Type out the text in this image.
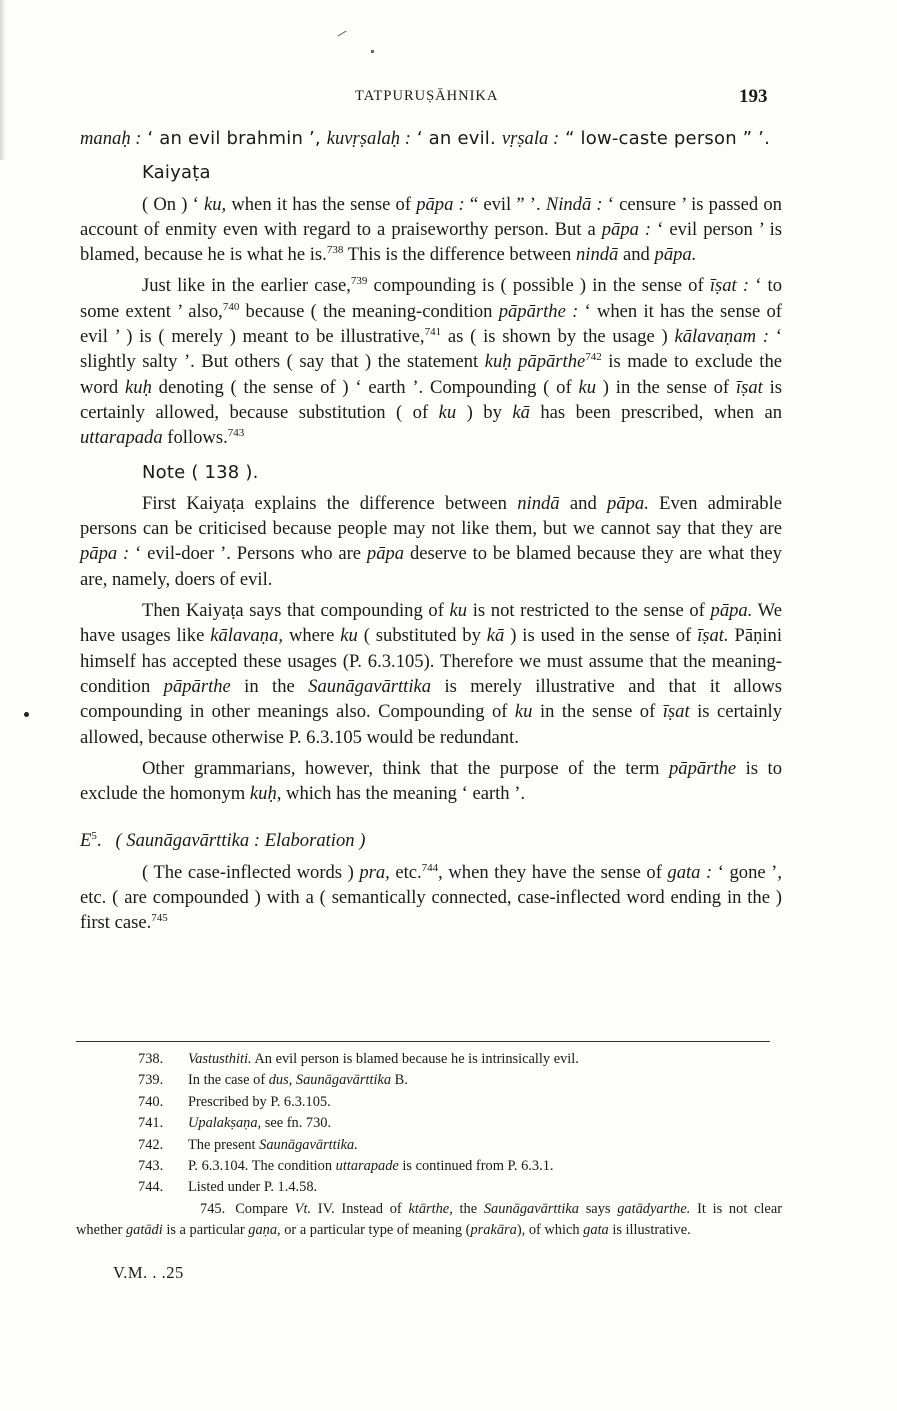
TATPURUṢĀHNIKA	193

manaḥ : ‘ an evil brahmin ’, kuvṛṣalaḥ : ‘ an evil. vṛṣala : “ low-caste person ” ’.

Kaiyaṭa

( On ) ‘ ku, when it has the sense of pāpa : “ evil ” ’. Nindā : ‘ censure ’ is passed on account of enmity even with regard to a praiseworthy person. But a pāpa : ‘ evil person ’ is blamed, because he is what he is.$^{738}$ This is the difference between nindā and pāpa.

Just like in the earlier case,$^{739}$ compounding is ( possible ) in the sense of īṣat : ‘ to some extent ’ also,$^{740}$ because ( the meaning-condition pāpārthe : ‘ when it has the sense of evil ’ ) is ( merely ) meant to be illustrative,$^{741}$ as ( is shown by the usage ) kālavaṇam : ‘ slightly salty ’. But others ( say that ) the statement kuḥ pāpārthe$^{742}$ is made to exclude the word kuḥ denoting ( the sense of ) ‘ earth ’. Compounding ( of ku ) in the sense of īṣat is certainly allowed, because substitution ( of ku ) by kā has been prescribed, when an uttarapada follows.$^{743}$

Note ( 138 ).

First Kaiyaṭa explains the difference between nindā and pāpa. Even admirable persons can be criticised because people may not like them, but we cannot say that they are pāpa : ‘ evil-doer ’. Persons who are pāpa deserve to be blamed because they are what they are, namely, doers of evil.

Then Kaiyaṭa says that compounding of ku is not restricted to the sense of pāpa. We have usages like kālavaṇa, where ku ( substituted by kā ) is used in the sense of īṣat. Pāṇini himself has accepted these usages (P. 6.3.105). Therefore we must assume that the meaning-condition pāpārthe in the Saunāgavārttika is merely illustrative and that it allows compounding in other meanings also. Compounding of ku in the sense of īṣat is certainly allowed, because otherwise P. 6.3.105 would be redundant.

Other grammarians, however, think that the purpose of the term pāpārthe is to exclude the homonym kuḥ, which has the meaning ‘ earth ’.

$E^5$.   ( Saunāgavārttika : Elaboration )

( The case-inflected words ) pra, etc.$^{744}$, when they have the sense of gata : ‘ gone ’, etc. ( are compounded ) with a ( semantically connected, case-inflected word ending in the ) first case.$^{745}$

738. Vastusthiti. An evil person is blamed because he is intrinsically evil.
739. In the case of dus, Saunāgavārttika B.
740. Prescribed by P. 6.3.105.
741. Upalakṣaṇa, see fn. 730.
742. The present Saunāgavārttika.
743. P. 6.3.104. The condition uttarapade is continued from P. 6.3.1.
744. Listed under P. 1.4.58.
745. Compare Vt. IV. Instead of ktārthe, the Saunāgavārttika says gatādyarthe. It is not clear whether gatādi is a particular gaṇa, or a particular type of meaning (prakāra), of which gata is illustrative.
V.M. . .25
